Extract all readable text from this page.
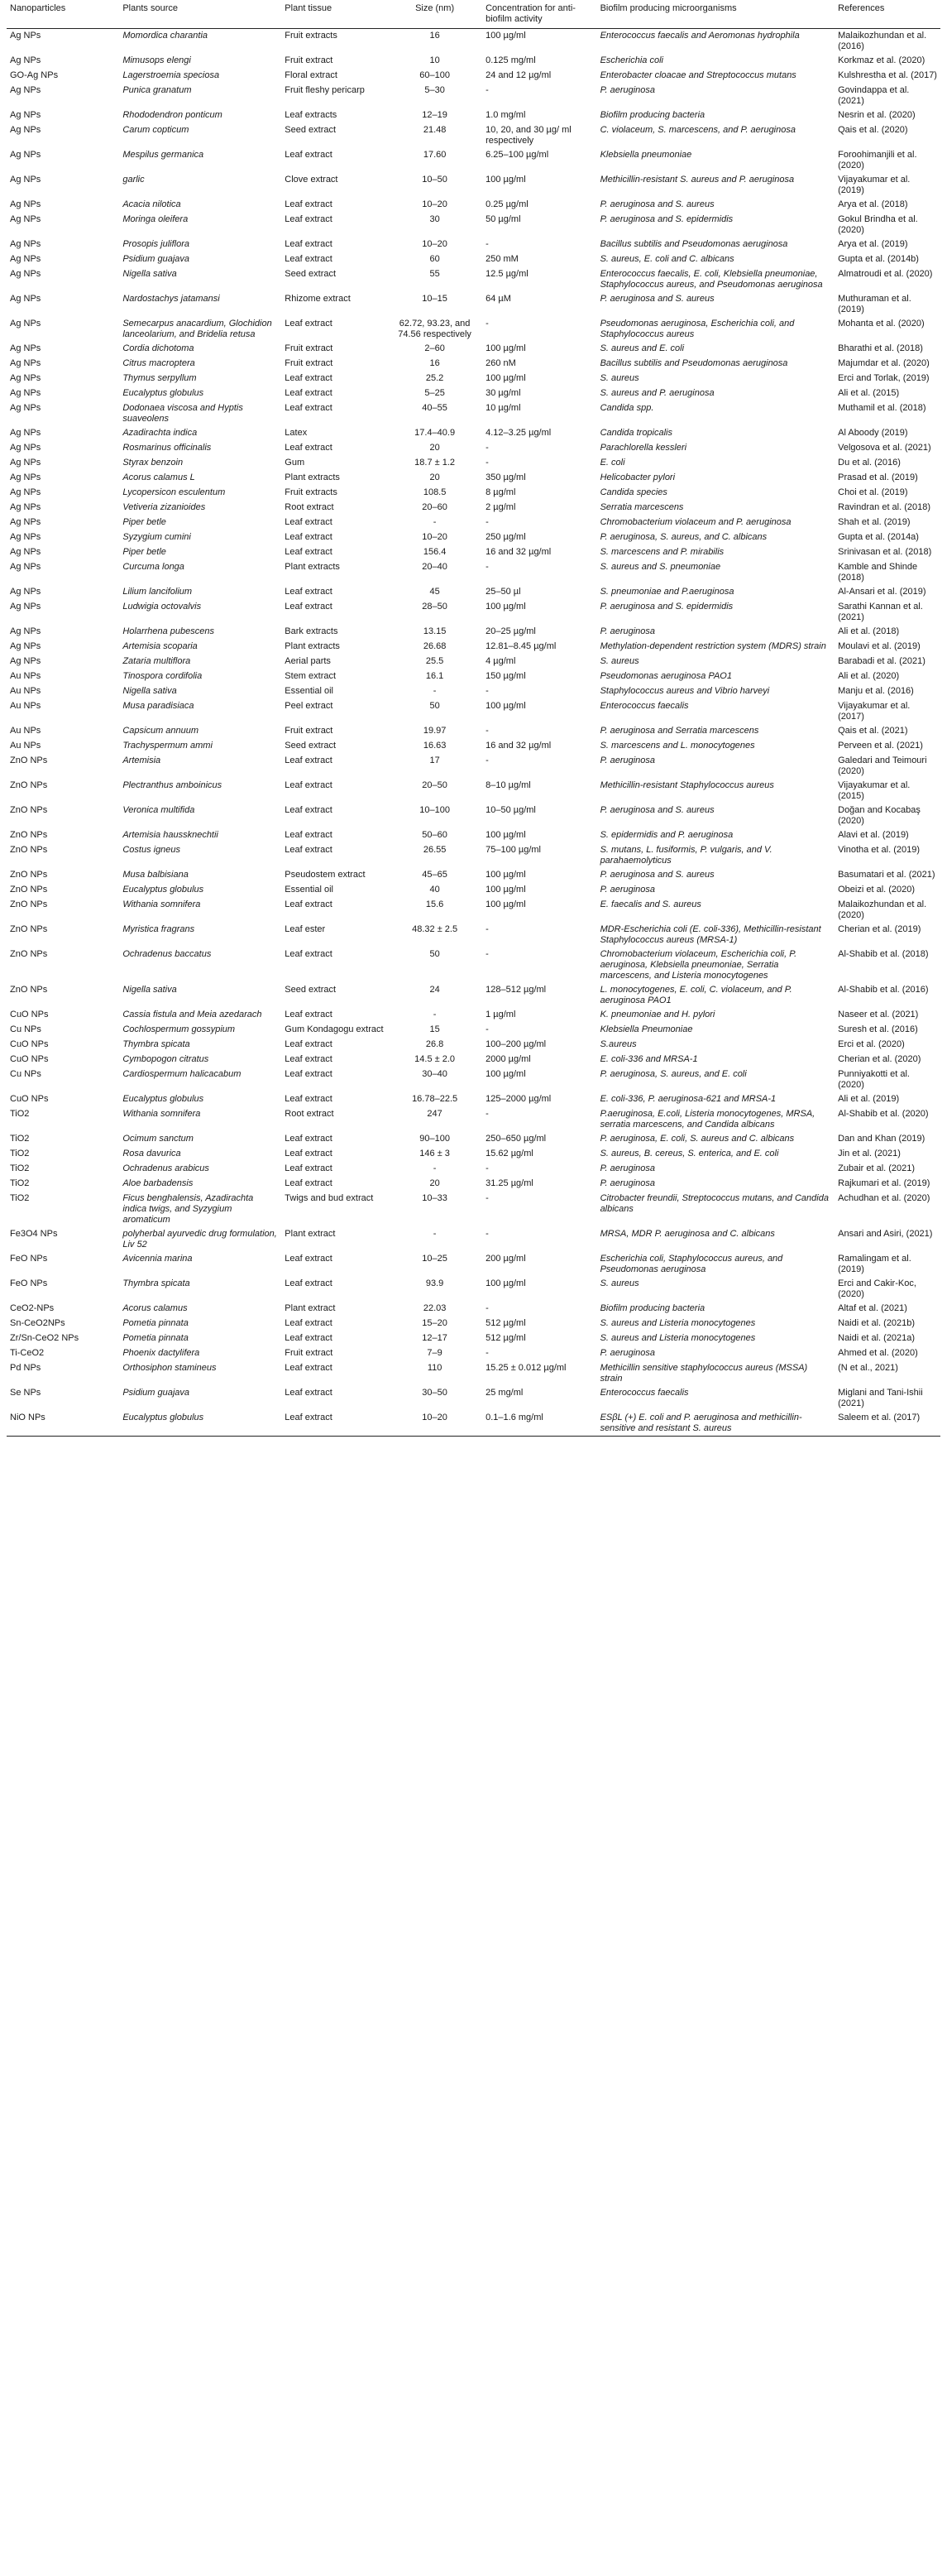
Nanoparticles	Plants source	Plant tissue	Size (nm)	Concentration for anti-biofilm activity	Biofilm producing microorganisms	References
Ag NPs	Momordica charantia	Fruit extracts	16	100 µg/ml	Enterococcus faecalis and Aeromonas hydrophila	Malaikozhundan et al. (2016)
Ag NPs	Mimusops elengi	Fruit extract	10	0.125 mg/ml	Escherichia coli	Korkmaz et al. (2020)
GO-Ag NPs	Lagerstroemia speciosa	Floral extract	60–100	24 and 12 µg/ml	Enterobacter cloacae and Streptococcus mutans	Kulshrestha et al. (2017)
Ag NPs	Punica granatum	Fruit fleshy pericarp	5–30	-	P. aeruginosa	Govindappa et al. (2021)
Ag NPs	Rhododendron ponticum	Leaf extracts	12–19	1.0 mg/ml	Biofilm producing bacteria	Nesrin et al. (2020)
Ag NPs	Carum copticum	Seed extract	21.48	10, 20, and 30 µg/ ml respectively	C. violaceum, S. marcescens, and P. aeruginosa	Qais et al. (2020)
Ag NPs	Mespilus germanica	Leaf extract	17.60	6.25–100 µg/ml	Klebsiella pneumoniae	Foroohimanjili et al. (2020)
Ag NPs	garlic	Clove extract	10–50	100 µg/ml	Methicillin-resistant S. aureus and P. aeruginosa	Vijayakumar et al. (2019)
Ag NPs	Acacia nilotica	Leaf extract	10–20	0.25 µg/ml	P. aeruginosa and S. aureus	Arya et al. (2018)
Ag NPs	Moringa oleifera	Leaf extract	30	50 µg/ml	P. aeruginosa and S. epidermidis	Gokul Brindha et al. (2020)
Ag NPs	Prosopis juliflora	Leaf extract	10–20	-	Bacillus subtilis and Pseudomonas aeruginosa	Arya et al. (2019)
Ag NPs	Psidium guajava	Leaf extract	60	250 mM	S. aureus, E. coli and C. albicans	Gupta et al. (2014b)
Ag NPs	Nigella sativa	Seed extract	55	12.5 µg/ml	Enterococcus faecalis, E. coli, Klebsiella pneumoniae, Staphylococcus aureus, and Pseudomonas aeruginosa	Almatroudi et al. (2020)
Ag NPs	Nardostachys jatamansi	Rhizome extract	10–15	64 µM	P. aeruginosa and S. aureus	Muthuraman et al. (2019)
Ag NPs	Semecarpus anacardium, Glochidion lanceolarium, and Bridelia retusa	Leaf extract	62.72, 93.23, and 74.56 respectively	-	Pseudomonas aeruginosa, Escherichia coli, and Staphylococcus aureus	Mohanta et al. (2020)
Ag NPs	Cordia dichotoma	Fruit extract	2–60	100 µg/ml	S. aureus and E. coli	Bharathi et al. (2018)
Ag NPs	Citrus macroptera	Fruit extract	16	260 nM	Bacillus subtilis and Pseudomonas aeruginosa	Majumdar et al. (2020)
Ag NPs	Thymus serpyllum	Leaf extract	25.2	100 µg/ml	S. aureus	Erci and Torlak, (2019)
Ag NPs	Eucalyptus globulus	Leaf extract	5–25	30 µg/ml	S. aureus and P. aeruginosa	Ali et al. (2015)
Ag NPs	Dodonaea viscosa and Hyptis suaveolens	Leaf extract	40–55	10 µg/ml	Candida spp.	Muthamil et al. (2018)
Ag NPs	Azadirachta indica	Latex	17.4–40.9	4.12–3.25 µg/ml	Candida tropicalis	Al Aboody (2019)
Ag NPs	Rosmarinus officinalis	Leaf extract	20	-	Parachlorella kessleri	Velgosova et al. (2021)
Ag NPs	Styrax benzoin	Gum	18.7 ± 1.2	-	E. coli	Du et al. (2016)
Ag NPs	Acorus calamus L	Plant extracts	20	350 µg/ml	Helicobacter pylori	Prasad et al. (2019)
Ag NPs	Lycopersicon esculentum	Fruit extracts	108.5	8 µg/ml	Candida species	Choi et al. (2019)
Ag NPs	Vetiveria zizanioides	Root extract	20–60	2 µg/ml	Serratia marcescens	Ravindran et al. (2018)
Ag NPs	Piper betle	Leaf extract	-	-	Chromobacterium violaceum and P. aeruginosa	Shah et al. (2019)
Ag NPs	Syzygium cumini	Leaf extract	10–20	250 µg/ml	P. aeruginosa, S. aureus, and C. albicans	Gupta et al. (2014a)
Ag NPs	Piper betle	Leaf extract	156.4	16 and 32 µg/ml	S. marcescens and P. mirabilis	Srinivasan et al. (2018)
Ag NPs	Curcuma longa	Plant extracts	20–40	-	S. aureus and S. pneumoniae	Kamble and Shinde (2018)
Ag NPs	Lilium lancifolium	Leaf extract	45	25–50 µl	S. pneumoniae and P.aeruginosa	Al-Ansari et al. (2019)
Ag NPs	Ludwigia octovalvis	Leaf extract	28–50	100 µg/ml	P. aeruginosa and S. epidermidis	Sarathi Kannan et al. (2021)
Ag NPs	Holarrhena pubescens	Bark extracts	13.15	20–25 µg/ml	P. aeruginosa	Ali et al. (2018)
Ag NPs	Artemisia scoparia	Plant extracts	26.68	12.81–8.45 µg/ml	Methylation-dependent restriction system (MDRS) strain	Moulavi et al. (2019)
Ag NPs	Zataria multiflora	Aerial parts	25.5	4 µg/ml	S. aureus	Barabadi et al. (2021)
Au NPs	Tinospora cordifolia	Stem extract	16.1	150 µg/ml	Pseudomonas aeruginosa PAO1	Ali et al. (2020)
Au NPs	Nigella sativa	Essential oil	-	-	Staphylococcus aureus and Vibrio harveyi	Manju et al. (2016)
Au NPs	Musa paradisiaca	Peel extract	50	100 µg/ml	Enterococcus faecalis	Vijayakumar et al. (2017)
Au NPs	Capsicum annuum	Fruit extract	19.97	-	P. aeruginosa and Serratia marcescens	Qais et al. (2021)
Au NPs	Trachyspermum ammi	Seed extract	16.63	16 and 32 µg/ml	S. marcescens and L. monocytogenes	Perveen et al. (2021)
ZnO NPs	Artemisia	Leaf extract	17	-	P. aeruginosa	Galedari and Teimouri (2020)
ZnO NPs	Plectranthus amboinicus	Leaf extract	20–50	8–10 µg/ml	Methicillin-resistant Staphylococcus aureus	Vijayakumar et al. (2015)
ZnO NPs	Veronica multifida	Leaf extract	10–100	10–50 µg/ml	P. aeruginosa and S. aureus	Doğan and Kocabaş (2020)
ZnO NPs	Artemisia haussknechtii	Leaf extract	50–60	100 µg/ml	S. epidermidis and P. aeruginosa	Alavi et al. (2019)
ZnO NPs	Costus igneus	Leaf extract	26.55	75–100 µg/ml	S. mutans, L. fusiformis, P. vulgaris, and V. parahaemolyticus	Vinotha et al. (2019)
ZnO NPs	Musa balbisiana	Pseudostem extract	45–65	100 µg/ml	P. aeruginosa and S. aureus	Basumatari et al. (2021)
ZnO NPs	Eucalyptus globulus	Essential oil	40	100 µg/ml	P. aeruginosa	Obeizi et al. (2020)
ZnO NPs	Withania somnifera	Leaf extract	15.6	100 µg/ml	E. faecalis and S. aureus	Malaikozhundan et al. (2020)
ZnO NPs	Myristica fragrans	Leaf ester	48.32 ± 2.5	-	MDR-Escherichia coli (E. coli-336), Methicillin-resistant Staphylococcus aureus (MRSA-1)	Cherian et al. (2019)
ZnO NPs	Ochradenus baccatus	Leaf extract	50	-	Chromobacterium violaceum, Escherichia coli, P. aeruginosa, Klebsiella pneumoniae, Serratia marcescens, and Listeria monocytogenes	Al-Shabib et al. (2018)
ZnO NPs	Nigella sativa	Seed extract	24	128–512 µg/ml	L. monocytogenes, E. coli, C. violaceum, and P. aeruginosa PAO1	Al-Shabib et al. (2016)
CuO NPs	Cassia fistula and Meia azedarach	Leaf extract	-	1 µg/ml	K. pneumoniae and H. pylori	Naseer et al. (2021)
Cu NPs	Cochlospermum gossypium	Gum Kondagogu extract	15	-	Klebsiella Pneumoniae	Suresh et al. (2016)
CuO NPs	Thymbra spicata	Leaf extract	26.8	100–200 µg/ml	S.aureus	Erci et al. (2020)
CuO NPs	Cymbopogon citratus	Leaf extract	14.5 ± 2.0	2000 µg/ml	E. coli-336 and MRSA-1	Cherian et al. (2020)
Cu NPs	Cardiospermum halicacabum	Leaf extract	30–40	100 µg/ml	P. aeruginosa, S. aureus, and E. coli	Punniyakotti et al. (2020)
CuO NPs	Eucalyptus globulus	Leaf extract	16.78–22.5	125–2000 µg/ml	E. coli-336, P. aeruginosa-621 and MRSA-1	Ali et al. (2019)
TiO2	Withania somnifera	Root extract	247	-	P.aeruginosa, E.coli, Listeria monocytogenes, MRSA, serratia marcescens, and Candida albicans	Al-Shabib et al. (2020)
TiO2	Ocimum sanctum	Leaf extract	90–100	250–650 µg/ml	P. aeruginosa, E. coli, S. aureus and C. albicans	Dan and Khan (2019)
TiO2	Rosa davurica	Leaf extract	146 ± 3	15.62 µg/ml	S. aureus, B. cereus, S. enterica, and E. coli	Jin et al. (2021)
TiO2	Ochradenus arabicus	Leaf extract	-	-	P. aeruginosa	Zubair et al. (2021)
TiO2	Aloe barbadensis	Leaf extract	20	31.25 µg/ml	P. aeruginosa	Rajkumari et al. (2019)
TiO2	Ficus benghalensis, Azadirachta indica twigs, and Syzygium aromaticum	Twigs and bud extract	10–33	-	Citrobacter freundii, Streptococcus mutans, and Candida albicans	Achudhan et al. (2020)
Fe3O4 NPs	polyherbal ayurvedic drug formulation, Liv 52	Plant extract	-	-	MRSA, MDR P. aeruginosa and C. albicans	Ansari and Asiri, (2021)
FeO NPs	Avicennia marina	Leaf extract	10–25	200 µg/ml	Escherichia coli, Staphylococcus aureus, and Pseudomonas aeruginosa	Ramalingam et al. (2019)
FeO NPs	Thymbra spicata	Leaf extract	93.9	100 µg/ml	S. aureus	Erci and Cakir-Koc, (2020)
CeO2-NPs	Acorus calamus	Plant extract	22.03	-	Biofilm producing bacteria	Altaf et al. (2021)
Sn-CeO2NPs	Pometia pinnata	Leaf extract	15–20	512 µg/ml	S. aureus and Listeria monocytogenes	Naidi et al. (2021b)
Zr/Sn-CeO2 NPs	Pometia pinnata	Leaf extract	12–17	512 µg/ml	S. aureus and Listeria monocytogenes	Naidi et al. (2021a)
Ti-CeO2	Phoenix dactylifera	Fruit extract	7–9	-	P. aeruginosa	Ahmed et al. (2020)
Pd NPs	Orthosiphon stamineus	Leaf extract	110	15.25 ± 0.012 µg/ml	Methicillin sensitive staphylococcus aureus (MSSA) strain	(N et al., 2021)
Se NPs	Psidium guajava	Leaf extract	30–50	25 mg/ml	Enterococcus faecalis	Miglani and Tani-Ishii (2021)
NiO NPs	Eucalyptus globulus	Leaf extract	10–20	0.1–1.6 mg/ml	ESβL (+) E. coli and P. aeruginosa and methicillin-sensitive and resistant S. aureus	Saleem et al. (2017)
